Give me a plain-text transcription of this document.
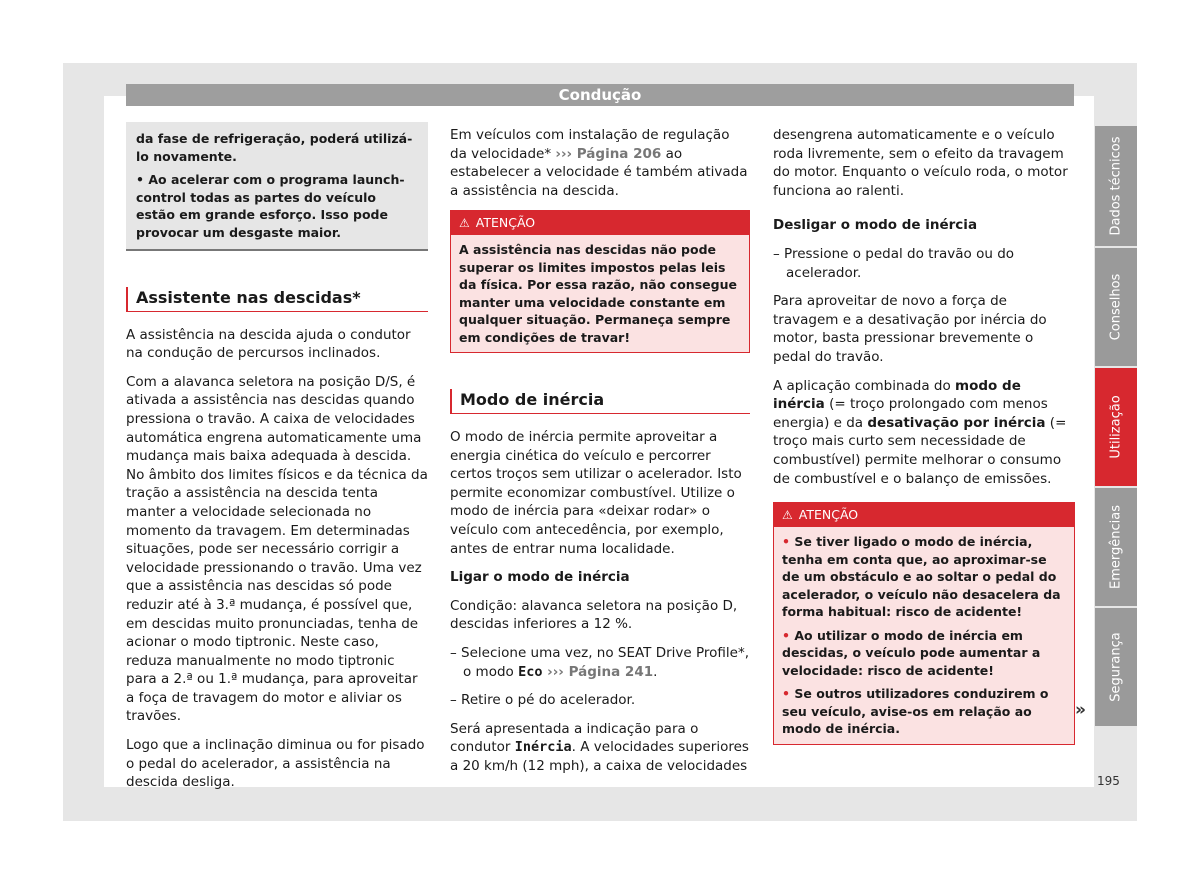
Condução

da fase de refrigeração, poderá utilizá-lo novamente.

• Ao acelerar com o programa launch-control todas as partes do veículo estão em grande esforço. Isso pode provocar um desgaste maior.

Assistente nas descidas*

A assistência na descida ajuda o condutor na condução de percursos inclinados.

Com a alavanca seletora na posição D/S, é ativada a assistência nas descidas quando pressiona o travão. A caixa de velocidades automática engrena automaticamente uma mudança mais baixa adequada à descida. No âmbito dos limites físicos e da técnica da tração a assistência na descida tenta manter a velocidade selecionada no momento da travagem. Em determinadas situações, pode ser necessário corrigir a velocidade pressionando o travão. Uma vez que a assistência nas descidas só pode reduzir até à 3.ª mudança, é possível que, em descidas muito pronunciadas, tenha de acionar o modo tiptronic. Neste caso, reduza manualmente no modo tiptronic para a 2.ª ou 1.ª mudança, para aproveitar a foça de travagem do motor e aliviar os travões.

Logo que a inclinação diminua ou for pisado o pedal do acelerador, a assistência na descida desliga.

Em veículos com instalação de regulação da velocidade* ››› Página 206 ao estabelecer a velocidade é também ativada a assistência na descida.

⚠ ATENÇÃO

A assistência nas descidas não pode superar os limites impostos pelas leis da física. Por essa razão, não consegue manter uma velocidade constante em qualquer situação. Permaneça sempre em condições de travar!

Modo de inércia

O modo de inércia permite aproveitar a energia cinética do veículo e percorrer certos troços sem utilizar o acelerador. Isto permite economizar combustível. Utilize o modo de inércia para «deixar rodar» o veículo com antecedência, por exemplo, antes de entrar numa localidade.

Ligar o modo de inércia

Condição: alavanca seletora na posição D, descidas inferiores a 12 %.

– Selecione uma vez, no SEAT Drive Profile*, o modo Eco ››› Página 241.

– Retire o pé do acelerador.

Será apresentada a indicação para o condutor Inércia. A velocidades superiores a 20 km/h (12 mph), a caixa de velocidades

desengrena automaticamente e o veículo roda livremente, sem o efeito da travagem do motor. Enquanto o veículo roda, o motor funciona ao ralenti.

Desligar o modo de inércia

– Pressione o pedal do travão ou do acelerador.

Para aproveitar de novo a força de travagem e a desativação por inércia do motor, basta pressionar brevemente o pedal do travão.

A aplicação combinada do modo de inércia (= troço prolongado com menos energia) e da desativação por inércia (= troço mais curto sem necessidade de combustível) permite melhorar o consumo de combustível e o balanço de emissões.

⚠ ATENÇÃO

• Se tiver ligado o modo de inércia, tenha em conta que, ao aproximar-se de um obstáculo e ao soltar o pedal do acelerador, o veículo não desacelera da forma habitual: risco de acidente!

• Ao utilizar o modo de inércia em descidas, o veículo pode aumentar a velocidade: risco de acidente!

• Se outros utilizadores conduzirem o seu veículo, avise-os em relação ao modo de inércia.

»
Dados técnicos
Conselhos
Utilização
Emergências
Segurança
195
